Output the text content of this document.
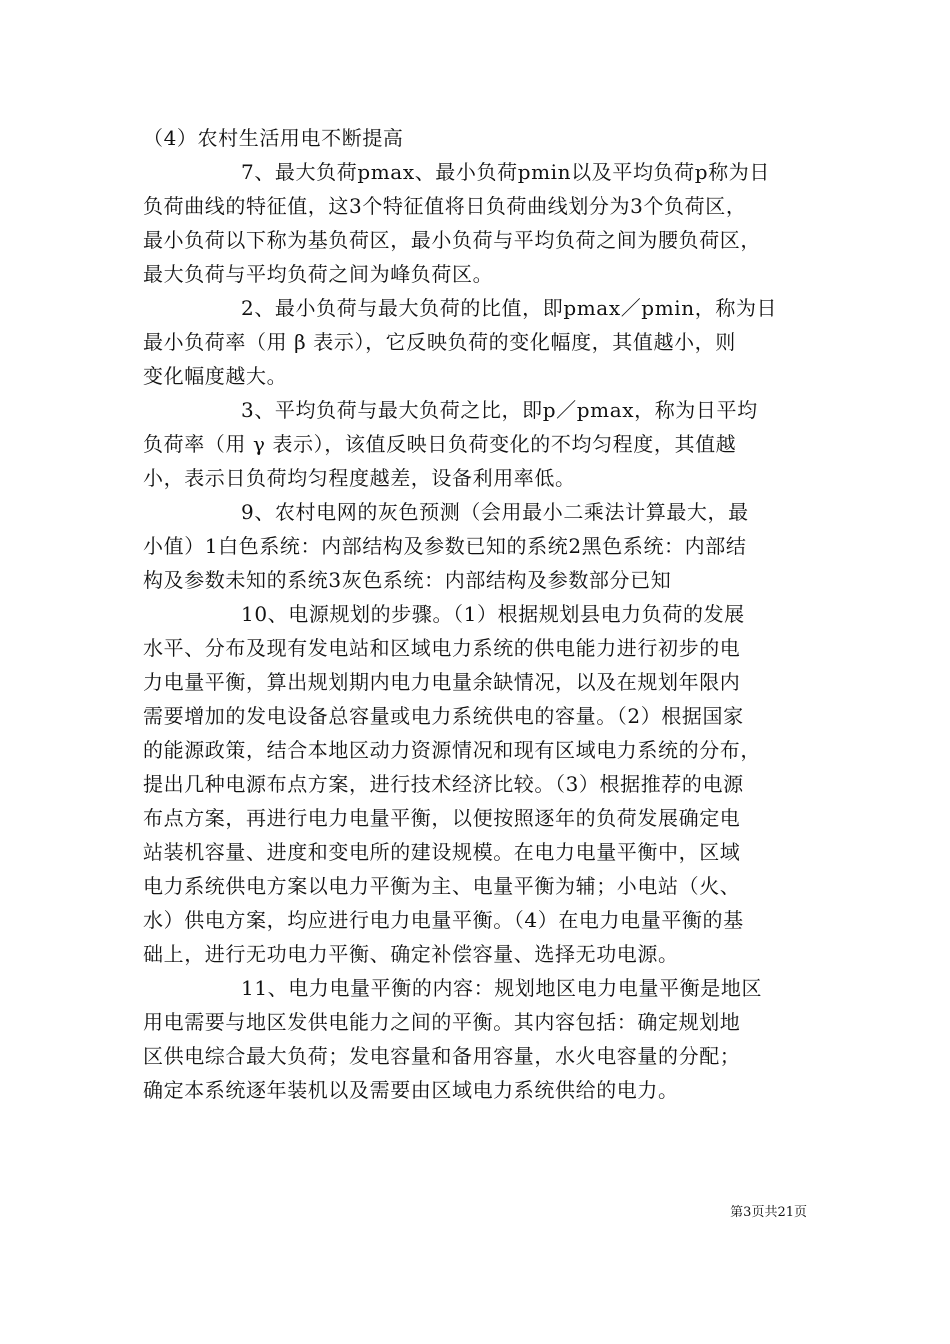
（4）农村生活用电不断提高
7、最大负荷pmax、最小负荷pmin以及平均负荷p称为日
负荷曲线的特征值，这3个特征值将日负荷曲线划分为3个负荷区，
最小负荷以下称为基负荷区，最小负荷与平均负荷之间为腰负荷区，
最大负荷与平均负荷之间为峰负荷区。
2、最小负荷与最大负荷的比值，即pmax／pmin，称为日
最小负荷率（用 β 表示），它反映负荷的变化幅度，其值越小，则
变化幅度越大。
3、平均负荷与最大负荷之比，即p／pmax，称为日平均
负荷率（用 γ 表示），该值反映日负荷变化的不均匀程度，其值越
小，表示日负荷均匀程度越差，设备利用率低。
9、农村电网的灰色预测（会用最小二乘法计算最大，最
小值）1白色系统：内部结构及参数已知的系统2黑色系统：内部结
构及参数未知的系统3灰色系统：内部结构及参数部分已知
10、电源规划的步骤。（1）根据规划县电力负荷的发展
水平、分布及现有发电站和区域电力系统的供电能力进行初步的电
力电量平衡，算出规划期内电力电量余缺情况，以及在规划年限内
需要增加的发电设备总容量或电力系统供电的容量。（2）根据国家
的能源政策，结合本地区动力资源情况和现有区域电力系统的分布，
提出几种电源布点方案，进行技术经济比较。（3）根据推荐的电源
布点方案，再进行电力电量平衡，以便按照逐年的负荷发展确定电
站装机容量、进度和变电所的建设规模。在电力电量平衡中，区域
电力系统供电方案以电力平衡为主、电量平衡为辅；小电站（火、
水）供电方案，均应进行电力电量平衡。（4）在电力电量平衡的基
础上，进行无功电力平衡、确定补偿容量、选择无功电源。
11、电力电量平衡的内容：规划地区电力电量平衡是地区
用电需要与地区发供电能力之间的平衡。其内容包括：确定规划地
区供电综合最大负荷；发电容量和备用容量，水火电容量的分配；
确定本系统逐年装机以及需要由区域电力系统供给的电力。
第3页共21页
